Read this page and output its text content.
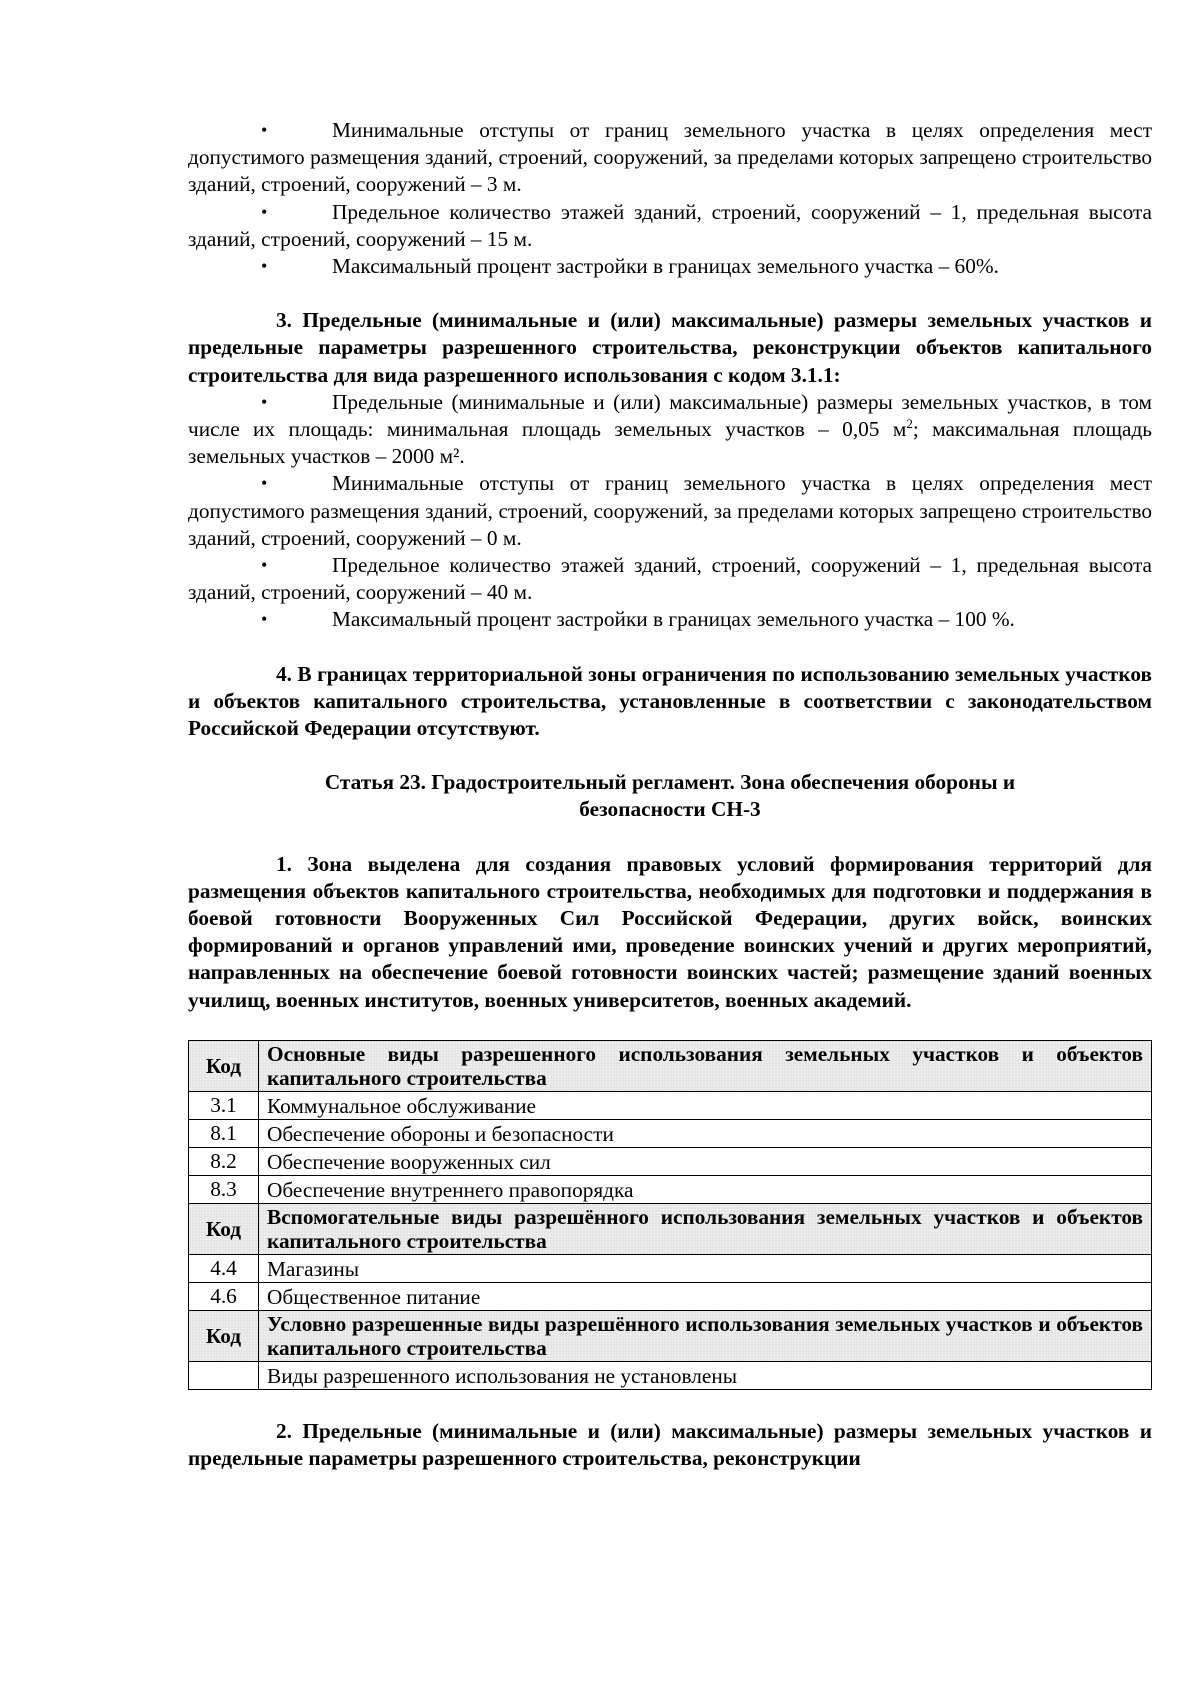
•	Минимальные отступы от границ земельного участка в целях определения мест допустимого размещения зданий, строений, сооружений, за пределами которых запрещено строительство зданий, строений, сооружений – 3 м.

•	Предельное количество этажей зданий, строений, сооружений – 1, предельная высота зданий, строений, сооружений – 15 м.

•	Максимальный процент застройки в границах земельного участка – 60%.

3. Предельные (минимальные и (или) максимальные) размеры земельных участков и предельные параметры разрешенного строительства, реконструкции объектов капитального строительства для вида разрешенного использования с кодом 3.1.1:

•	Предельные (минимальные и (или) максимальные) размеры земельных участков, в том числе их площадь: минимальная площадь земельных участков – 0,05 $м^2$; максимальная площадь земельных участков – 2000 м².

•	Минимальные отступы от границ земельного участка в целях определения мест допустимого размещения зданий, строений, сооружений, за пределами которых запрещено строительство зданий, строений, сооружений – 0 м.

•	Предельное количество этажей зданий, строений, сооружений – 1, предельная высота зданий, строений, сооружений – 40 м.

•	Максимальный процент застройки в границах земельного участка – 100 %.

4. В границах территориальной зоны ограничения по использованию земельных участков и объектов капитального строительства, установленные в соответствии с законодательством Российской Федерации отсутствуют.

Статья 23. Градостроительный регламент. Зона обеспечения обороны и

безопасности СН-3

1. Зона выделена для создания правовых условий формирования территорий для размещения объектов капитального строительства, необходимых для подготовки и поддержания в боевой готовности Вооруженных Сил Российской Федерации, других войск, воинских формирований и органов управлений ими, проведение воинских учений и других мероприятий, направленных на обеспечение боевой готовности воинских частей; размещение зданий военных училищ, военных институтов, военных университетов, военных академий.

Код	Основные виды разрешенного использования земельных участков и объектов капитального строительства
3.1	Коммунальное обслуживание
8.1	Обеспечение обороны и безопасности
8.2	Обеспечение вооруженных сил
8.3	Обеспечение внутреннего правопорядка
Код	Вспомогательные виды разрешённого использования земельных участков и объектов капитального строительства
4.4	Магазины
4.6	Общественное питание
Код	Условно разрешенные виды разрешённого использования земельных участков и объектов капитального строительства
	Виды разрешенного использования не установлены

2. Предельные (минимальные и (или) максимальные) размеры земельных участков и предельные параметры разрешенного строительства, реконструкции
